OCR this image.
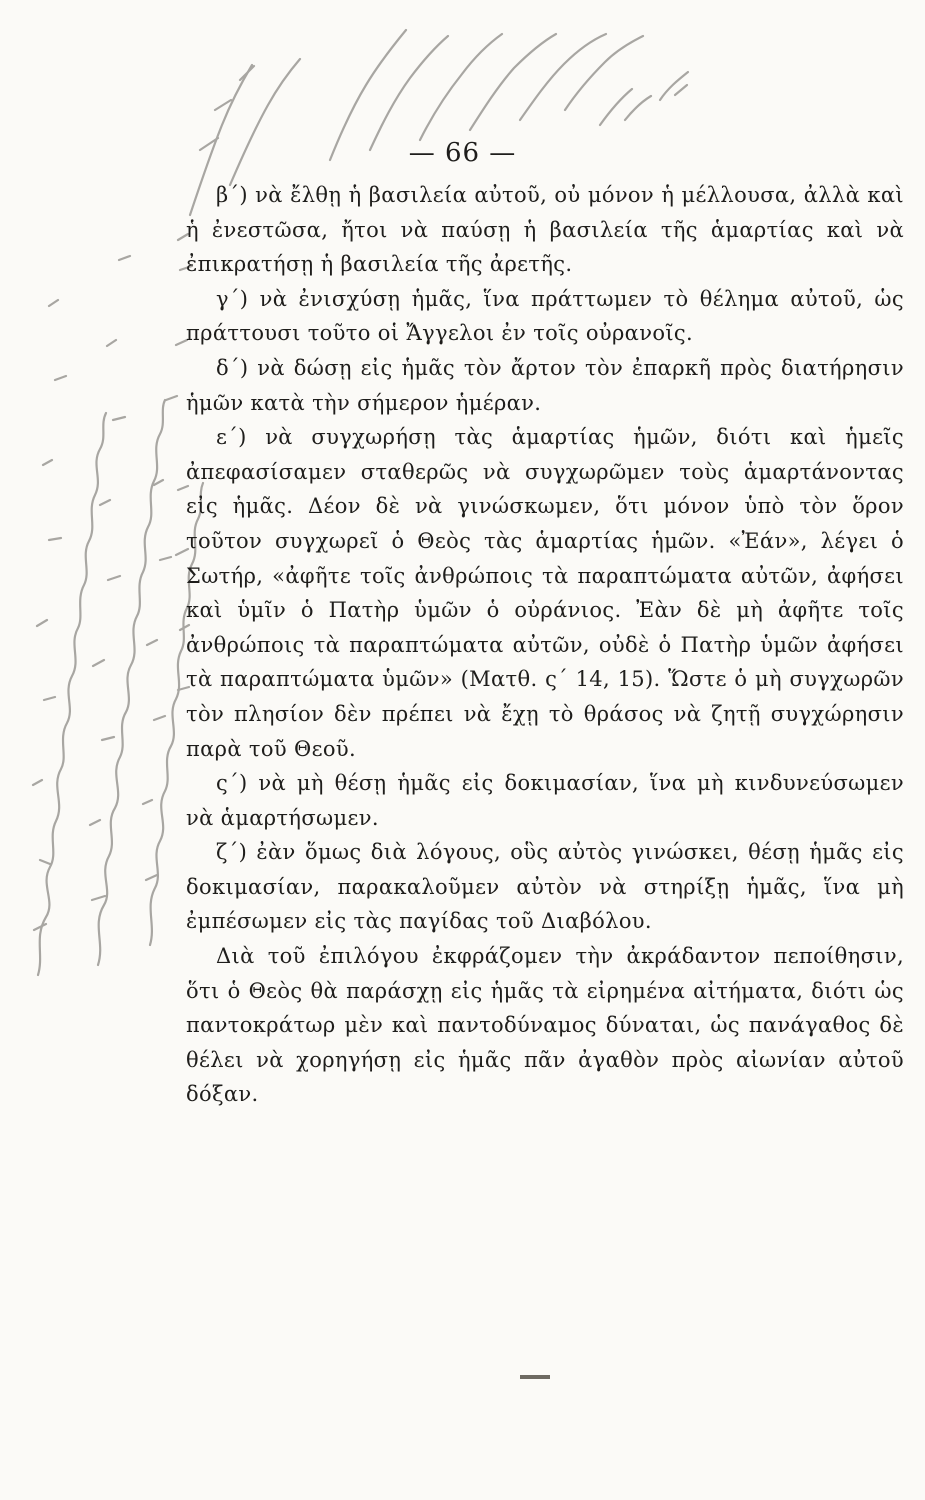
— 66 —

β΄) νὰ ἔλθῃ ἡ βασιλεία αὐτοῦ, οὐ μόνον ἡ μέλλουσα, ἀλλὰ καὶ ἡ ἐνεστῶσα, ἤτοι νὰ παύσῃ ἡ βασιλεία τῆς ἁμαρτίας καὶ νὰ ἐπικρατήσῃ ἡ βασιλεία τῆς ἀρετῆς.

γ΄) νὰ ἐνισχύσῃ ἡμᾶς, ἵνα πράττωμεν τὸ θέλημα αὐτοῦ, ὡς πράττουσι τοῦτο οἱ Ἄγγελοι ἐν τοῖς οὐρανοῖς.

δ΄) νὰ δώσῃ εἰς ἡμᾶς τὸν ἄρτον τὸν ἐπαρκῆ πρὸς διατήρησιν ἡμῶν κατὰ τὴν σήμερον ἡμέραν.

ε΄) νὰ συγχωρήσῃ τὰς ἁμαρτίας ἡμῶν, διότι καὶ ἡμεῖς ἀπεφασίσαμεν σταθερῶς νὰ συγχωρῶμεν τοὺς ἁμαρτάνοντας εἰς ἡμᾶς. Δέον δὲ νὰ γινώσκωμεν, ὅτι μόνον ὑπὸ τὸν ὅρον τοῦτον συγχωρεῖ ὁ Θεὸς τὰς ἁμαρτίας ἡμῶν. «Ἐάν», λέγει ὁ Σωτήρ, «ἀφῆτε τοῖς ἀνθρώποις τὰ παραπτώματα αὐτῶν, ἀφήσει καὶ ὑμῖν ὁ Πατὴρ ὑμῶν ὁ οὐράνιος. Ἐὰν δὲ μὴ ἀφῆτε τοῖς ἀνθρώποις τὰ παραπτώματα αὐτῶν, οὐδὲ ὁ Πατὴρ ὑμῶν ἀφήσει τὰ παραπτώματα ὑμῶν» (Ματθ. ς΄ 14, 15). Ὥστε ὁ μὴ συγχωρῶν τὸν πλησίον δὲν πρέπει νὰ ἔχῃ τὸ θράσος νὰ ζητῇ συγχώρησιν παρὰ τοῦ Θεοῦ.

ς΄) νὰ μὴ θέσῃ ἡμᾶς εἰς δοκιμασίαν, ἵνα μὴ κινδυνεύσωμεν νὰ ἁμαρτήσωμεν.

ζ΄) ἐὰν ὅμως διὰ λόγους, οὓς αὐτὸς γινώσκει, θέσῃ ἡμᾶς εἰς δοκιμασίαν, παρακαλοῦμεν αὐτὸν νὰ στηρίξῃ ἡμᾶς, ἵνα μὴ ἐμπέσωμεν εἰς τὰς παγίδας τοῦ Διαβόλου.

Διὰ τοῦ ἐπιλόγου ἐκφράζομεν τὴν ἀκράδαντον πεποίθησιν, ὅτι ὁ Θεὸς θὰ παράσχῃ εἰς ἡμᾶς τὰ εἰρημένα αἰτήματα, διότι ὡς παντοκράτωρ μὲν καὶ παντοδύναμος δύναται, ὡς πανάγαθος δὲ θέλει νὰ χορηγήσῃ εἰς ἡμᾶς πᾶν ἀγαθὸν πρὸς αἰωνίαν αὐτοῦ δόξαν.
